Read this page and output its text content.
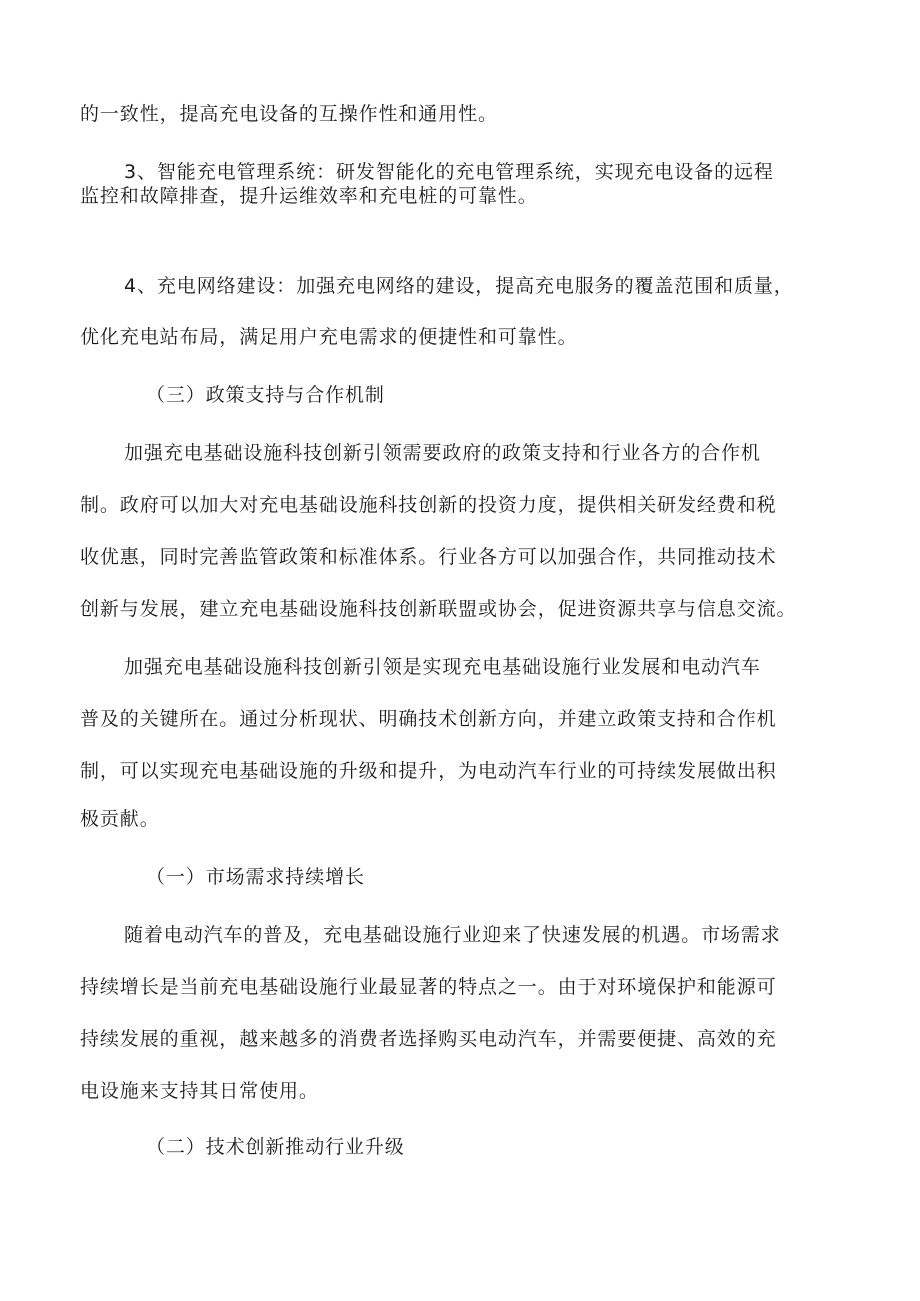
的一致性，提高充电设备的互操作性和通用性。
3、智能充电管理系统：研发智能化的充电管理系统，实现充电设备的远程
监控和故障排查，提升运维效率和充电桩的可靠性。
4、充电网络建设：加强充电网络的建设，提高充电服务的覆盖范围和质量，
优化充电站布局，满足用户充电需求的便捷性和可靠性。
（三）政策支持与合作机制
加强充电基础设施科技创新引领需要政府的政策支持和行业各方的合作机
制。政府可以加大对充电基础设施科技创新的投资力度，提供相关研发经费和税
收优惠，同时完善监管政策和标准体系。行业各方可以加强合作，共同推动技术
创新与发展，建立充电基础设施科技创新联盟或协会，促进资源共享与信息交流。
加强充电基础设施科技创新引领是实现充电基础设施行业发展和电动汽车
普及的关键所在。通过分析现状、明确技术创新方向，并建立政策支持和合作机
制，可以实现充电基础设施的升级和提升，为电动汽车行业的可持续发展做出积
极贡献。
（一）市场需求持续增长
随着电动汽车的普及，充电基础设施行业迎来了快速发展的机遇。市场需求
持续增长是当前充电基础设施行业最显著的特点之一。由于对环境保护和能源可
持续发展的重视，越来越多的消费者选择购买电动汽车，并需要便捷、高效的充
电设施来支持其日常使用。
（二）技术创新推动行业升级
